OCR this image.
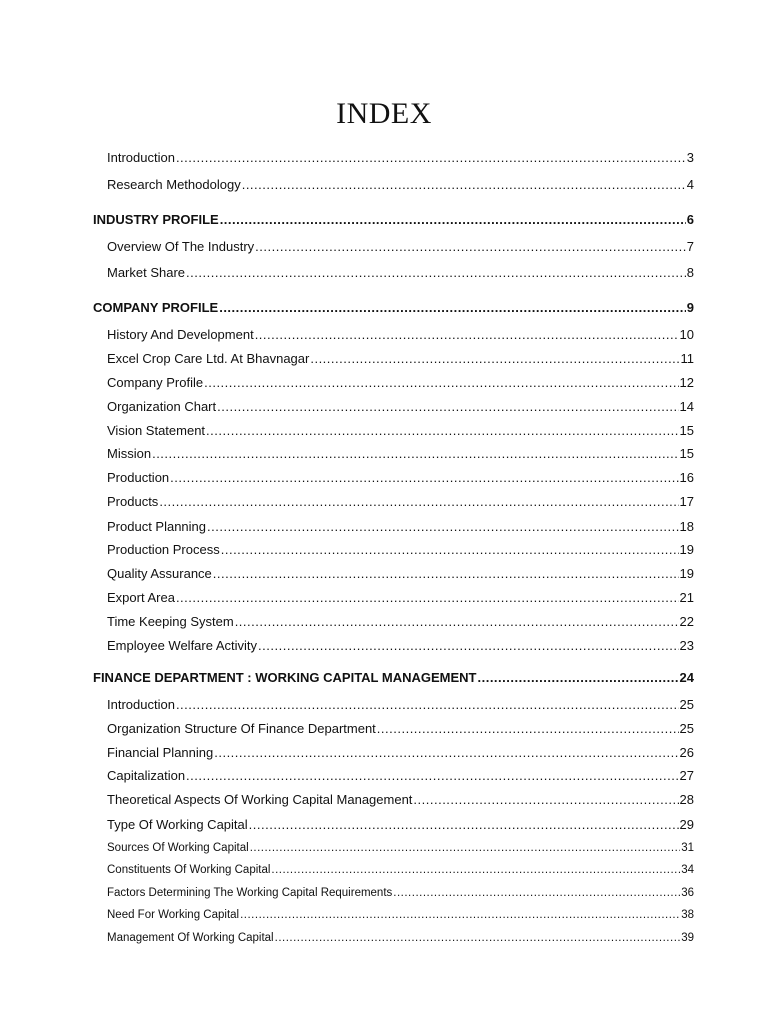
INDEX
Introduction .....	3
Research Methodology .....	4
INDUSTRY PROFILE .....	6
Overview Of The Industry .....	7
Market Share .....	8
COMPANY PROFILE .....	9
History And Development .....	10
Excel Crop Care Ltd. At Bhavnagar .....	11
Company Profile .....	12
Organization Chart .....	14
Vision Statement .....	15
Mission .....	15
Production .....	16
Products .....	17
Product Planning .....	18
Production Process .....	19
Quality Assurance .....	19
Export Area .....	21
Time Keeping System .....	22
Employee Welfare Activity .....	23
FINANCE DEPARTMENT : WORKING CAPITAL MANAGEMENT .....	24
Introduction .....	25
Organization Structure Of Finance Department .....	25
Financial Planning .....	26
Capitalization .....	27
Theoretical Aspects Of Working Capital Management .....	28
Type Of Working Capital .....	29
Sources Of Working Capital .....	31
Constituents Of Working Capital .....	34
Factors Determining The Working Capital Requirements .....	36
Need For Working Capital .....	38
Management Of Working Capital .....	39
